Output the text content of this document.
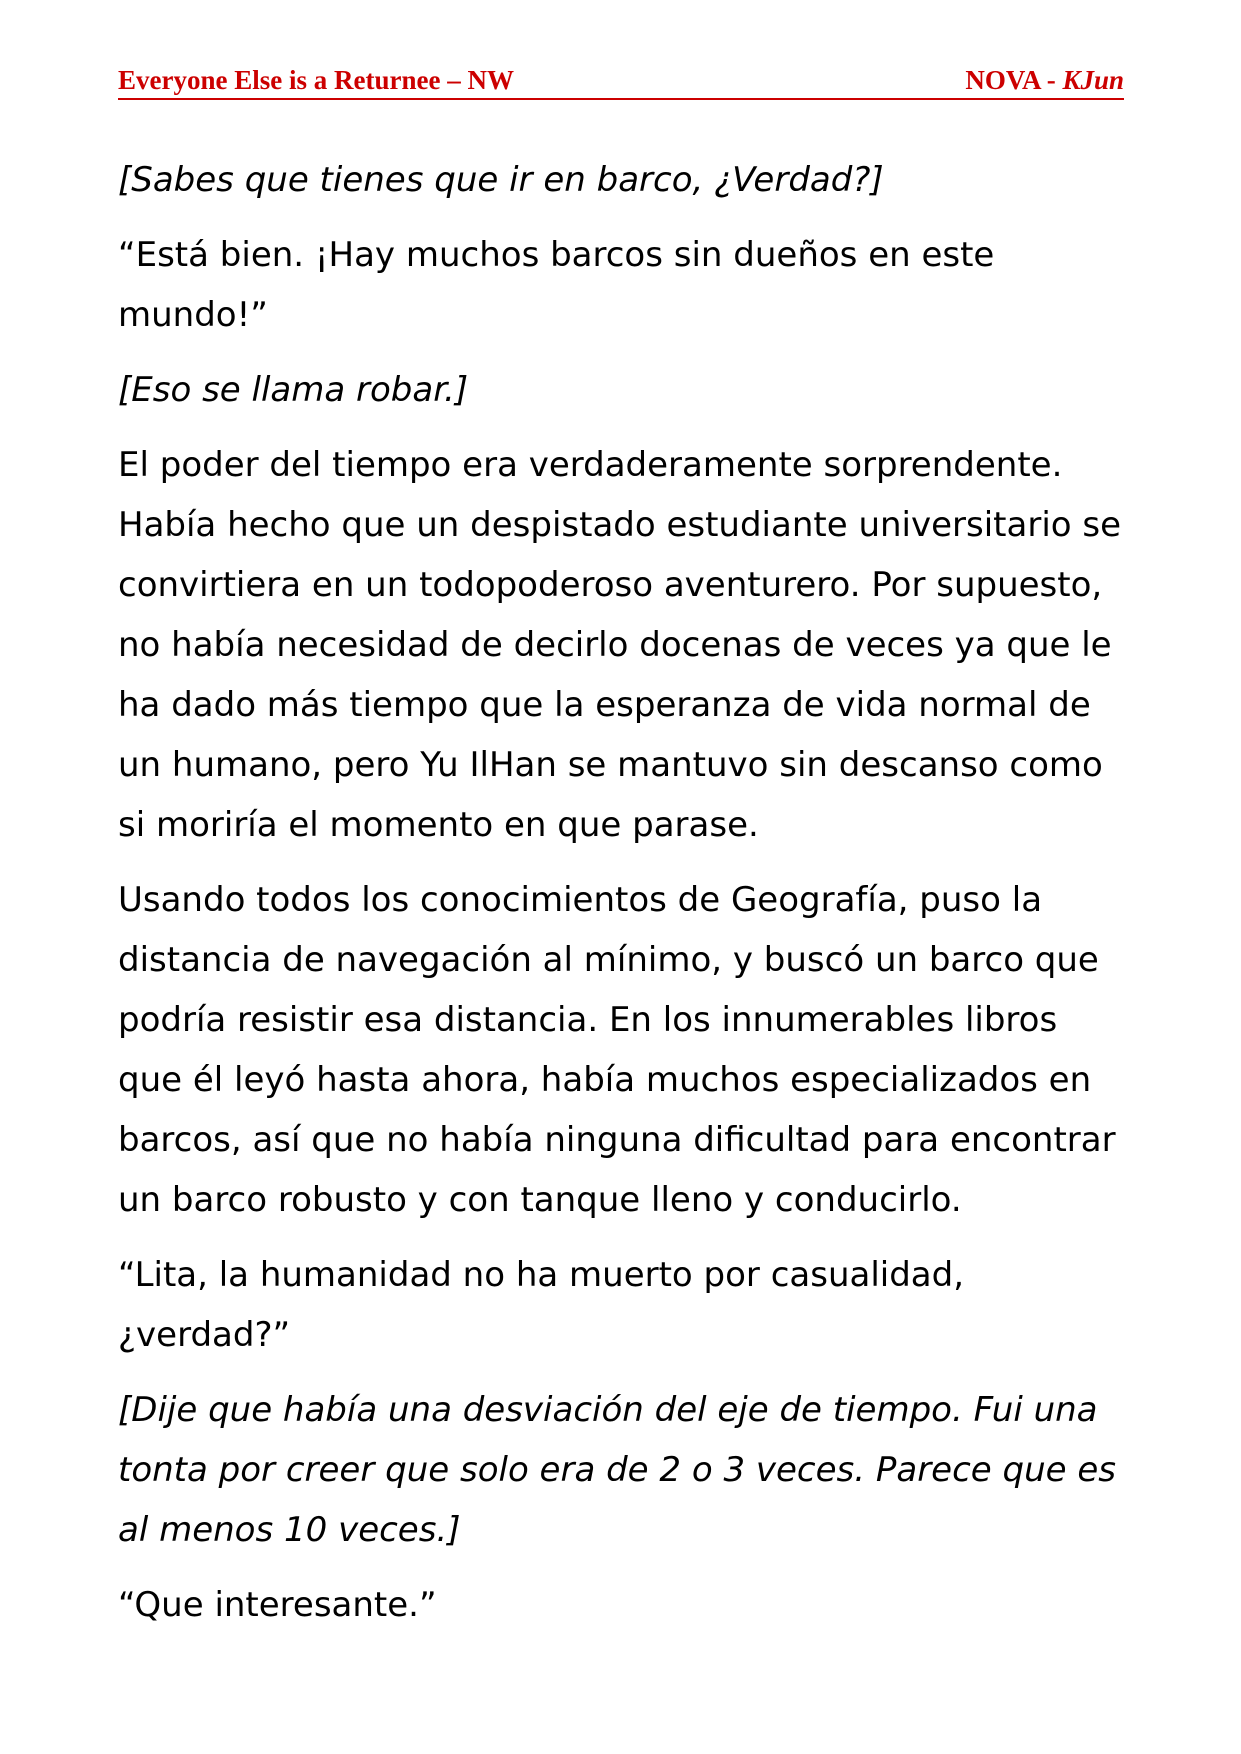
Everyone Else is a Returnee – NW	NOVA - KJun

[Sabes que tienes que ir en barco, ¿Verdad?]

“Está bien. ¡Hay muchos barcos sin dueños en este mundo!”

[Eso se llama robar.]

El poder del tiempo era verdaderamente sorprendente. Había hecho que un despistado estudiante universitario se convirtiera en un todopoderoso aventurero. Por supuesto, no había necesidad de decirlo docenas de veces ya que le ha dado más tiempo que la esperanza de vida normal de un humano, pero Yu IlHan se mantuvo sin descanso como si moriría el momento en que parase.

Usando todos los conocimientos de Geografía, puso la distancia de navegación al mínimo, y buscó un barco que podría resistir esa distancia. En los innumerables libros que él leyó hasta ahora, había muchos especializados en barcos, así que no había ninguna dificultad para encontrar un barco robusto y con tanque lleno y conducirlo.

“Lita, la humanidad no ha muerto por casualidad, ¿verdad?”

[Dije que había una desviación del eje de tiempo. Fui una tonta por creer que solo era de 2 o 3 veces. Parece que es al menos 10 veces.]

“Que interesante.”
